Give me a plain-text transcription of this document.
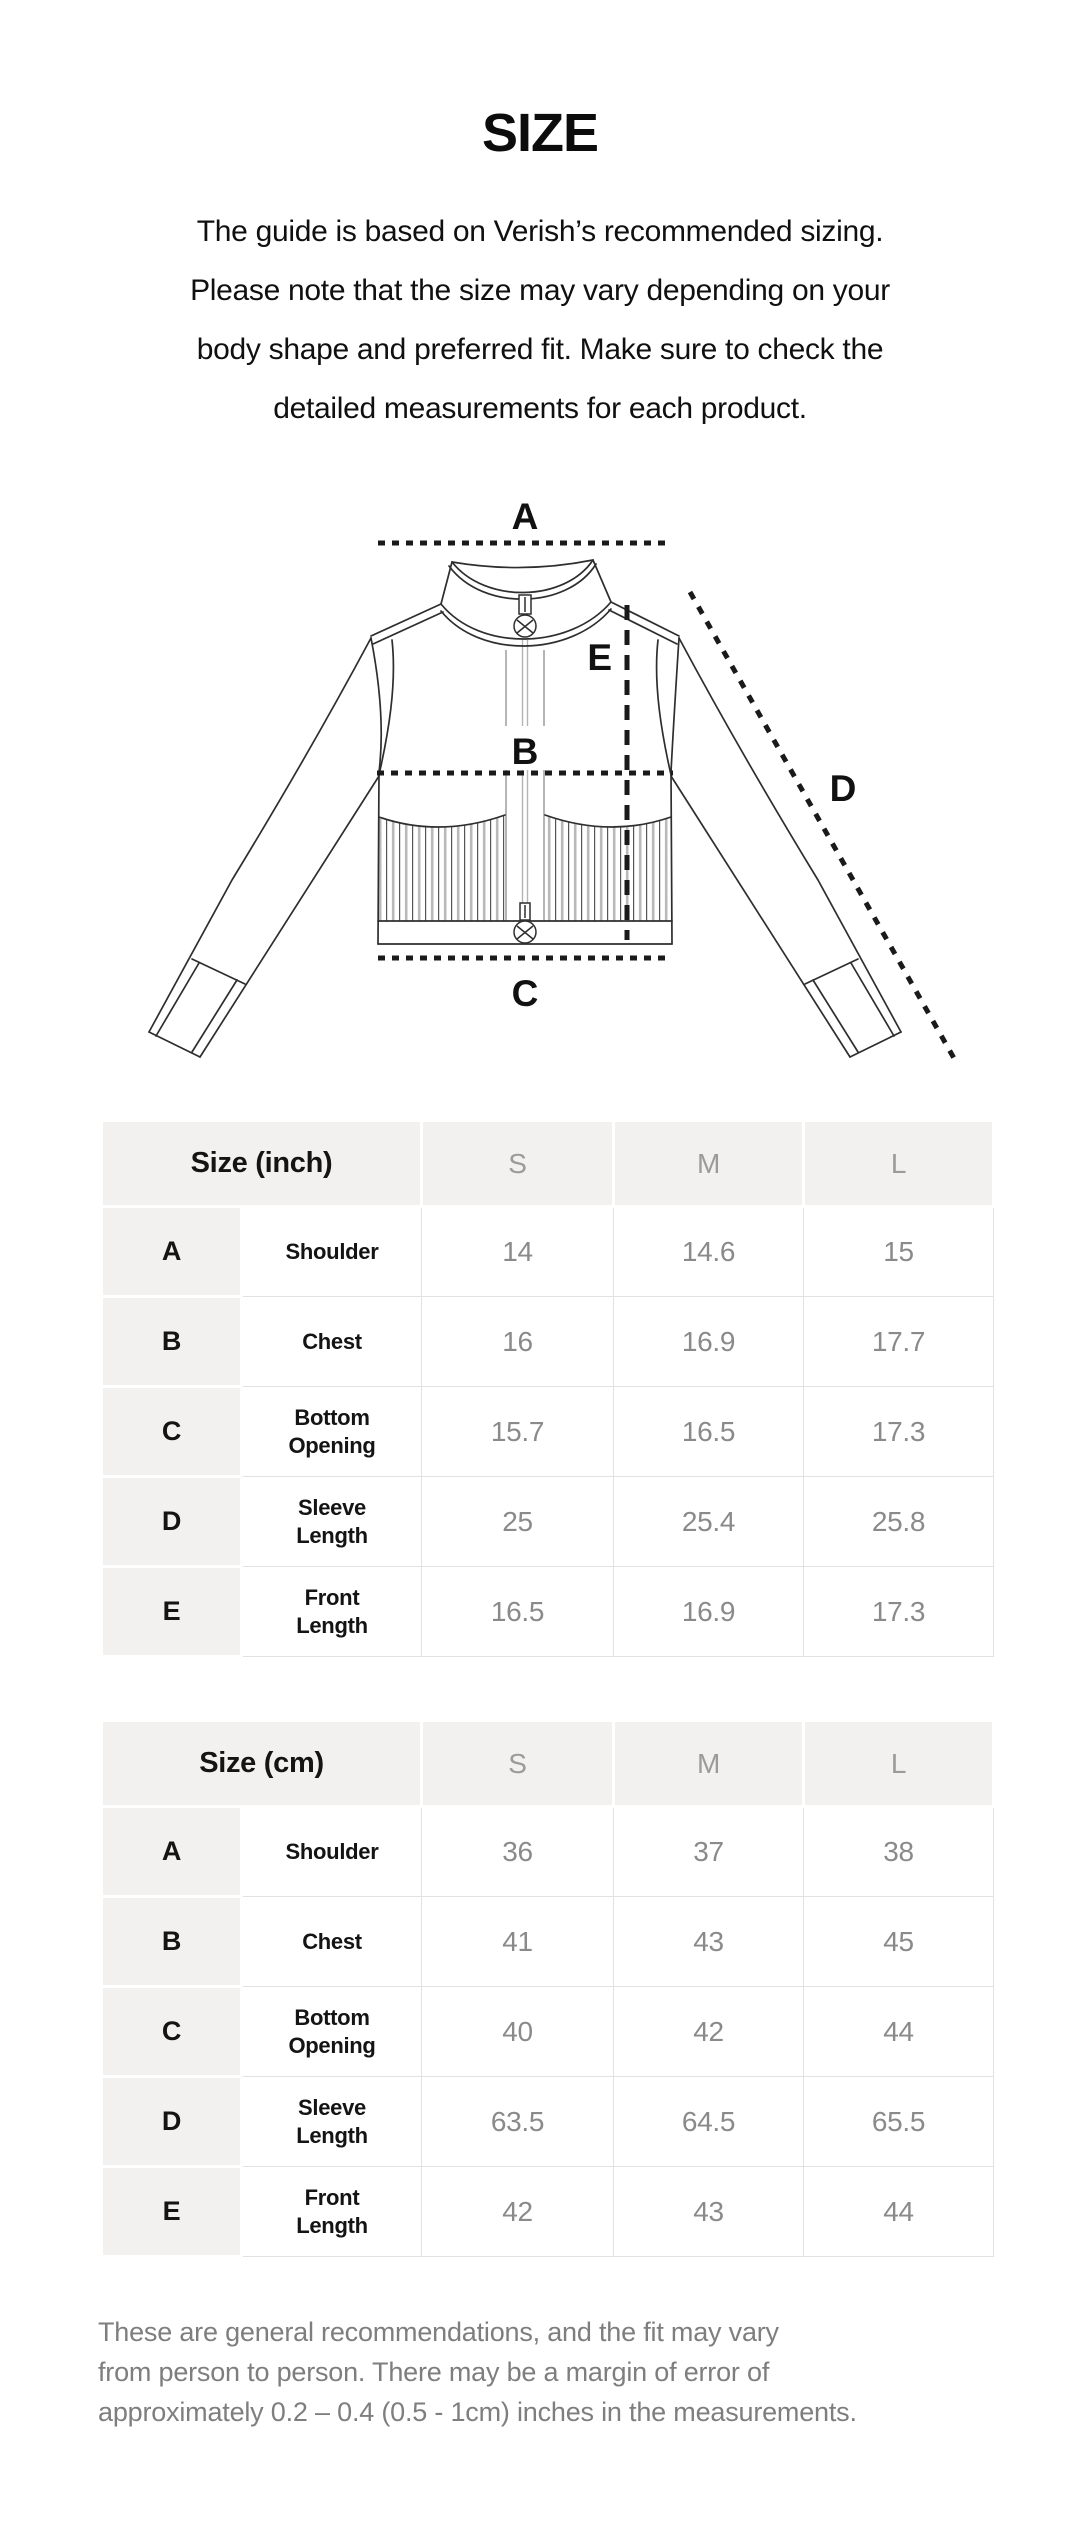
SIZE
The guide is based on Verish’s recommended sizing.
Please note that the size may vary depending on your
body shape and preferred fit. Make sure to check the
detailed measurements for each product.
A
B
C
D
E
Size (inch)		S	M	L
A	Shoulder	14	14.6	15
B	Chest	16	16.9	17.7
C	Bottom
Opening	15.7	16.5	17.3
D	Sleeve
Length	25	25.4	25.8
E	Front
Length	16.5	16.9	17.3
Size (cm)		S	M	L
A	Shoulder	36	37	38
B	Chest	41	43	45
C	Bottom
Opening	40	42	44
D	Sleeve
Length	63.5	64.5	65.5
E	Front
Length	42	43	44
These are general recommendations, and the fit may vary
from person to person. There may be a margin of error of
approximately 0.2 – 0.4 (0.5 - 1cm) inches in the measurements.
